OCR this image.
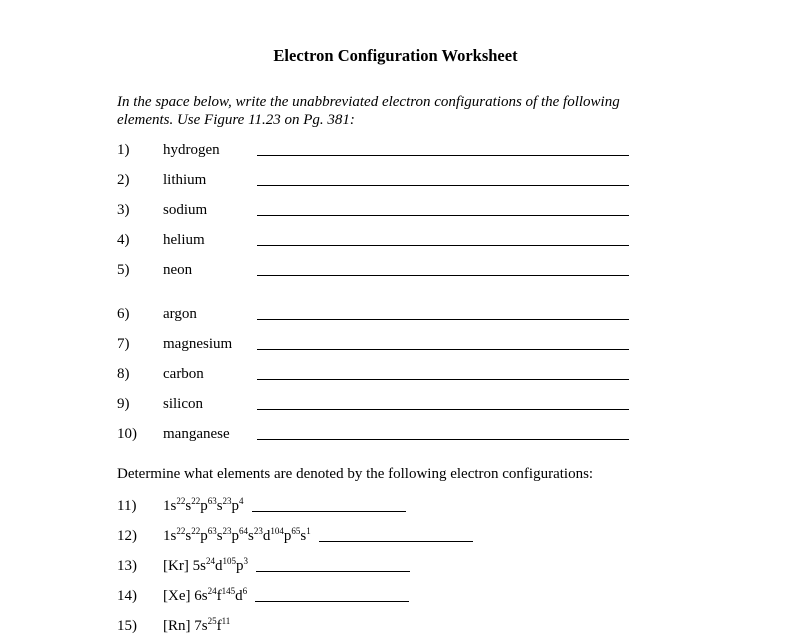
Electron Configuration Worksheet
In the space below, write the unabbreviated electron configurations of the following elements. Use Figure 11.23 on Pg. 381:
1) hydrogen
2) lithium
3) sodium
4) helium
5) neon
6) argon
7) magnesium
8) carbon
9) silicon
10) manganese
Determine what elements are denoted by the following electron configurations:
11) $1s^{22}s^{22}p^{63}s^{23}p^4$
12) $1s^{22}s^{22}p^{63}s^{23}p^{64}s^{23}d^{104}p^{65}s^1$
13) [Kr] $5s^{24}d^{105}p^3$
14) [Xe] $6s^{24}f^{145}d^6$
15) [Rn] $7s^{25}f^{11}$
